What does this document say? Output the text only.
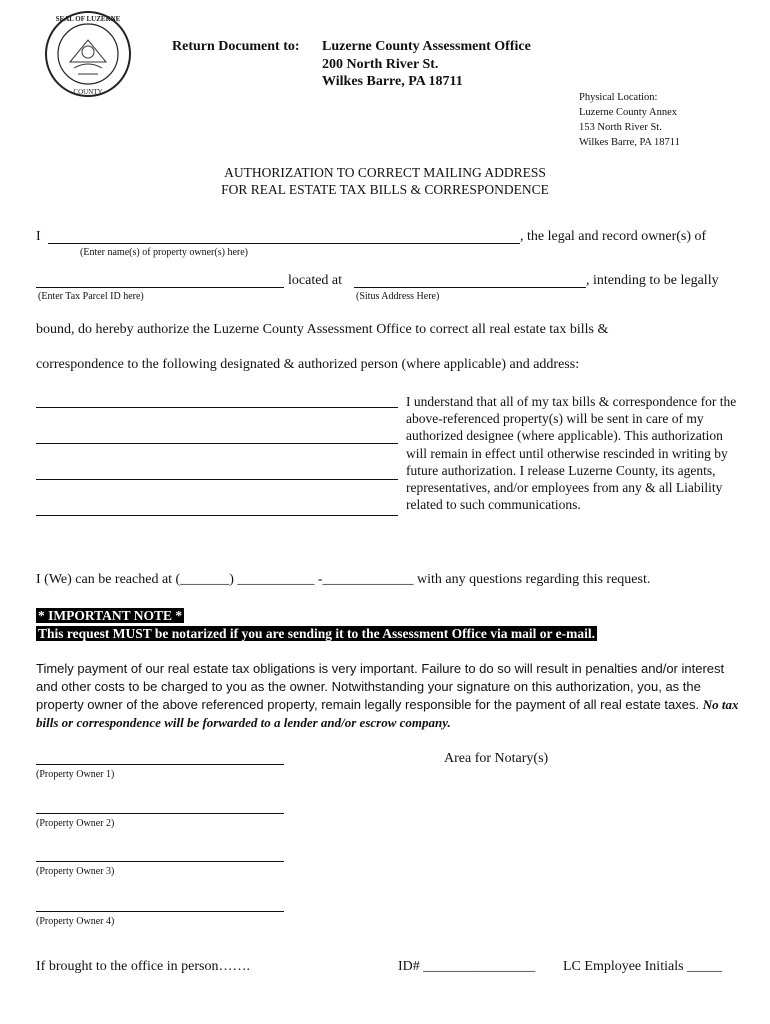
SEAL OF LUZERNE
COUNTY
Return Document to: Luzerne County Assessment Office
200 North River St.
Wilkes Barre, PA 18711
Physical Location:
Luzerne County Annex
153 North River St.
Wilkes Barre, PA 18711
AUTHORIZATION TO CORRECT MAILING ADDRESS
FOR REAL ESTATE TAX BILLS & CORRESPONDENCE
I	, the legal and record owner(s) of
(Enter name(s) of property owner(s) here)
located at	, intending to be legally
(Enter Tax Parcel ID here)	(Situs Address Here)
bound, do hereby authorize the Luzerne County Assessment Office to correct all real estate tax bills &
correspondence to the following designated & authorized person (where applicable) and address:
I understand that all of my tax bills & correspondence for the above-referenced property(s) will be sent in care of my authorized designee (where applicable). This authorization will remain in effect until otherwise rescinded in writing by future authorization. I release Luzerne County, its agents, representatives, and/or employees from any & all Liability related to such communications.
I (We) can be reached at (_______) ___________ -_____________ with any questions regarding this request.
* IMPORTANT NOTE *
This request MUST be notarized if you are sending it to the Assessment Office via mail or e-mail.
Timely payment of our real estate tax obligations is very important. Failure to do so will result in penalties and/or interest and other costs to be charged to you as the owner. Notwithstanding your signature on this authorization, you, as the property owner of the above referenced property, remain legally responsible for the payment of all real estate taxes. No tax bills or correspondence will be forwarded to a lender and/or escrow company.
Area for Notary(s)
(Property Owner 1)
(Property Owner 2)
(Property Owner 3)
(Property Owner 4)
If brought to the office in person…….	ID# ________________ LC Employee Initials _____
